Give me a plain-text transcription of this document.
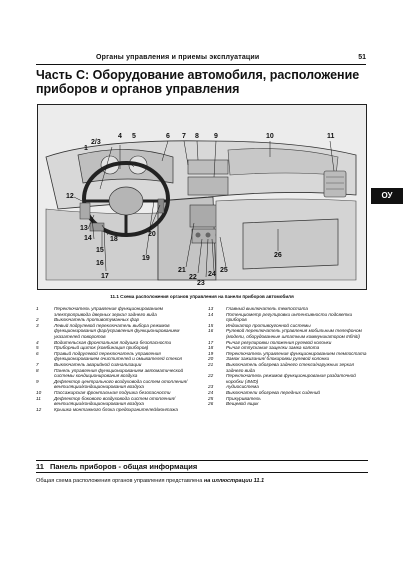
Органы управления и приемы эксплуатации	51
Часть С: Оборудование автомобиля, расположение приборов и органов управления
ОУ
2/3
1
4 5	6 7 8 9	10	11
12
13
14
15
16
17
18
19
20
21
22
23
24
25
26
11.1 Схема расположения органов управления на панели приборов автомобиля
1	Переключатель управления функционированием электропривода дверных зеркал заднего вида
2	Выключатель противотуманных фар
3	Левый подрулевой переключатель выбора режимов функционирования фар/управления функционированием указателей поворотов
4	Водительская фронтальная подушка безопасности
5	Приборный щиток (комбинация приборов)
6	Правый подрулевой переключатель управления функционированием очистителей и омывателей стекол
7	Выключатель аварийной сигнализации
8	Панель управления функционированием автоматической системы кондиционирования воздуха
9	Дефлектор центрального воздуховода систем отопления/вентиляции/кондиционирования воздуха
10	Пассажирская фронтальная подушка безопасности
11	Дефлектор бокового воздуховода систем отопления/вентиляции/кондиционирования воздуха
12	Крышка монтажного блока предохранителей/монтажа
13	Главный выключатель темпостата
14	Потенциометр регулировки интенсивности подсветки приборов
15	Индикатор противоугонной системы
16	Рулевой переключатель управления мобильным телефоном (модели, оборудованные штатным коммуникатором Infiniti)
17	Рычаг регулировки положения рулевой колонки
18	Рычаг отпускания защелки замка капота
19	Переключатель управления функционированием темпостата
20	Замок зажигания/ блокировки рулевой колонки
21	Выключатель обогрева заднего стекла/наружных зеркал заднего вида
22	Переключатель режимов функционирования раздаточной коробки (4WD)
23	Аудиосистема
24	Выключатели обогрева передних сидений
25	Прикуриватель
26	Вещевой ящик
11 Панель приборов - общая информация
Общая схема расположения органов управления представлена на иллюстрации 11.1
